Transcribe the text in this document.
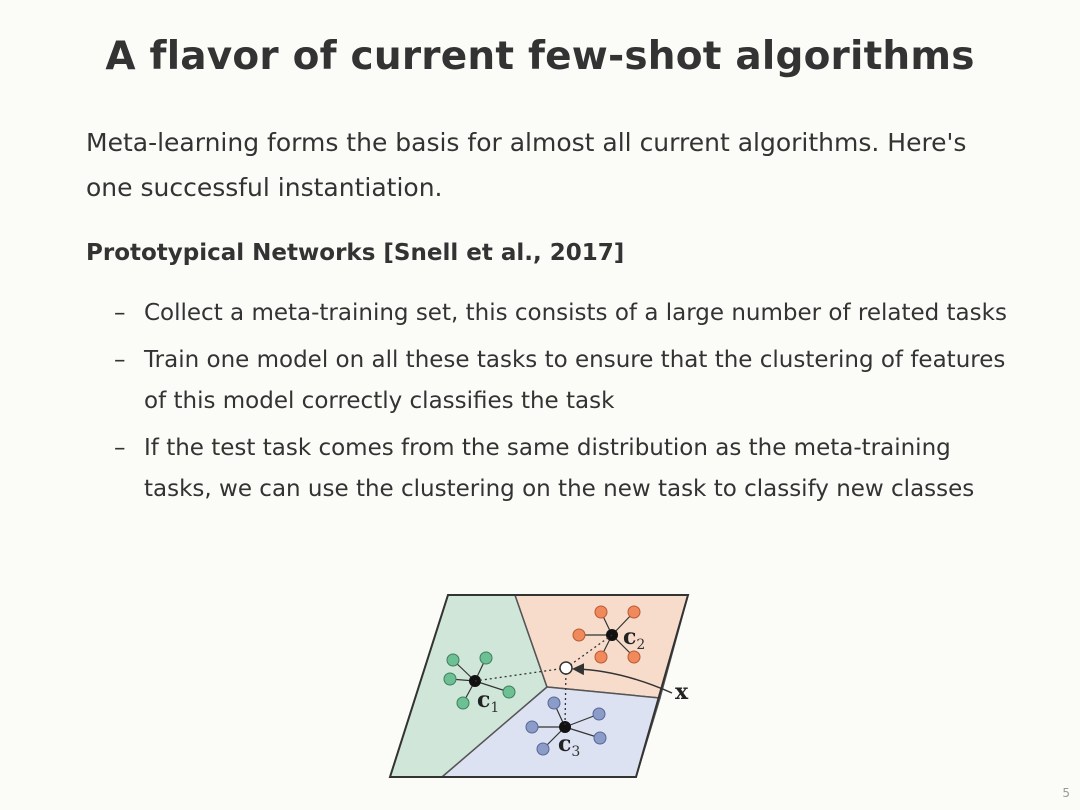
A flavor of current few-shot algorithms
Meta-learning forms the basis for almost all current algorithms. Here's one successful instantiation.
Prototypical Networks [Snell et al., 2017]
– Collect a meta-training set, this consists of a large number of related tasks
– Train one model on all these tasks to ensure that the clustering of features of this model correctly classifies the task
– If the test task comes from the same distribution as the meta-training tasks, we can use the clustering on the new task to classify new classes
$c_1$
$c_2$
$c_3$
x
5
